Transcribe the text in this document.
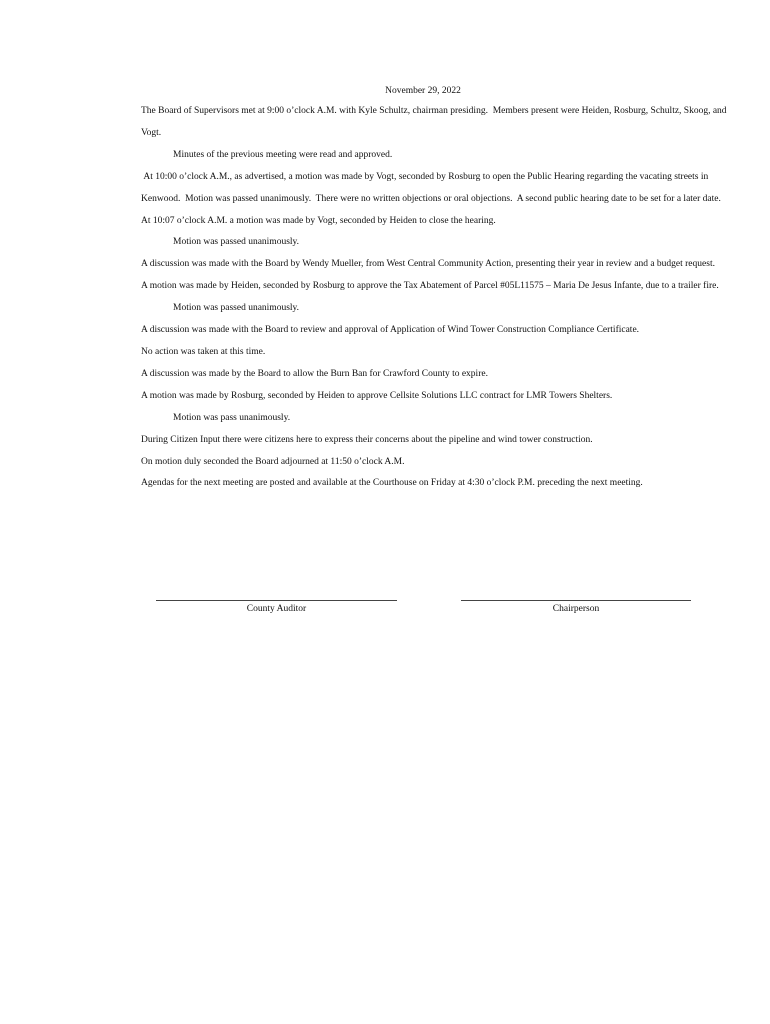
November 29, 2022

The Board of Supervisors met at 9:00 o’clock A.M. with Kyle Schultz, chairman presiding.  Members present were Heiden, Rosburg, Schultz, Skoog, and Vogt.

Minutes of the previous meeting were read and approved.

At 10:00 o’clock A.M., as advertised, a motion was made by Vogt, seconded by Rosburg to open the Public Hearing regarding the vacating streets in Kenwood.  Motion was passed unanimously.  There were no written objections or oral objections.  A second public hearing date to be set for a later date.  At 10:07 o’clock A.M. a motion was made by Vogt, seconded by Heiden to close the hearing.

Motion was passed unanimously.

A discussion was made with the Board by Wendy Mueller, from West Central Community Action, presenting their year in review and a budget request.

A motion was made by Heiden, seconded by Rosburg to approve the Tax Abatement of Parcel #05L11575 – Maria De Jesus Infante, due to a trailer fire.

Motion was passed unanimously.

A discussion was made with the Board to review and approval of Application of Wind Tower Construction Compliance Certificate.

No action was taken at this time.

A discussion was made by the Board to allow the Burn Ban for Crawford County to expire.

A motion was made by Rosburg, seconded by Heiden to approve Cellsite Solutions LLC contract for LMR Towers Shelters.

Motion was pass unanimously.

During Citizen Input there were citizens here to express their concerns about the pipeline and wind tower construction.

On motion duly seconded the Board adjourned at 11:50 o’clock A.M.

Agendas for the next meeting are posted and available at the Courthouse on Friday at 4:30 o’clock P.M. preceding the next meeting.

County Auditor	Chairperson
